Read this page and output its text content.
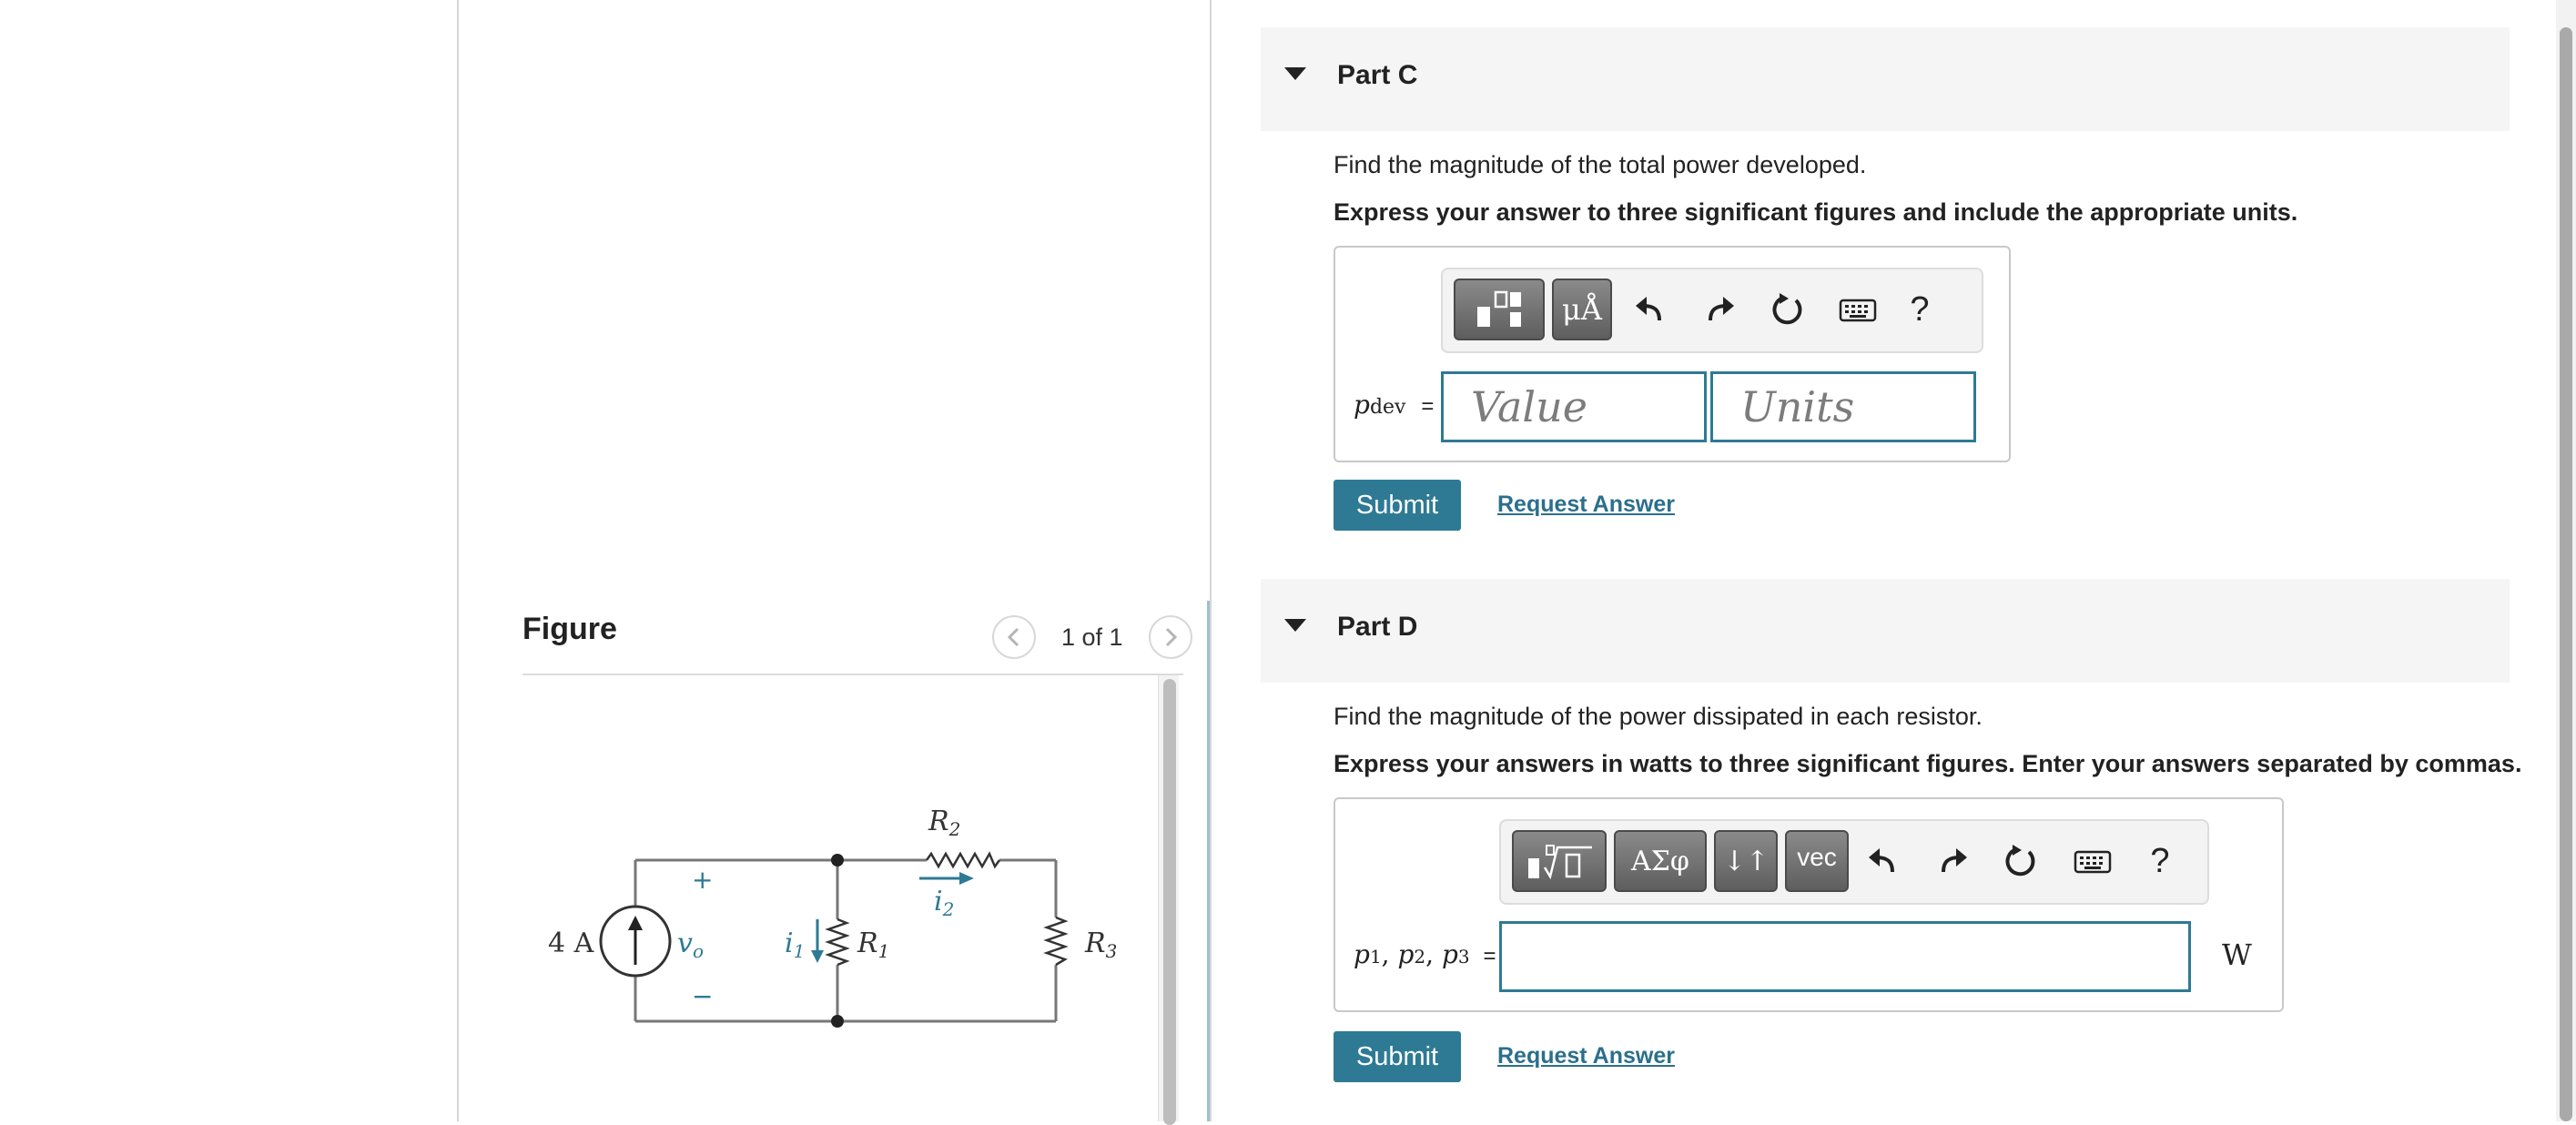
Figure	1 of 1
4 A
+
−
$v_o$	$i_1$ $R_1$
$R_2$
$i_2$
$R_3$
Part C
Find the magnitude of the total power developed.
Express your answer to three significant figures and include the appropriate units.
μÅ	?
pdev =
Value
Units
Submit	Request Answer
Part D
Find the magnitude of the power dissipated in each resistor.
Express your answers in watts to three significant figures. Enter your answers separated by commas.
ΑΣφ	↓↑	vec	?
p1, p2, p3 =	W
Submit	Request Answer
